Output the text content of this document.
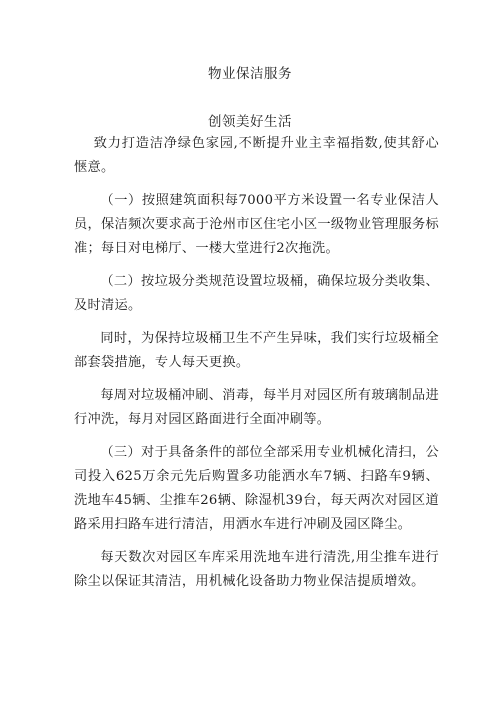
物业保洁服务
创领美好生活

致力打造洁净绿色家园,不断提升业主幸福指数,使其舒心惬意。

（一）按照建筑面积每7000平方米设置一名专业保洁人员，保洁频次要求高于沧州市区住宅小区一级物业管理服务标准；每日对电梯厅、一楼大堂进行2次拖洗。

（二）按垃圾分类规范设置垃圾桶，确保垃圾分类收集、及时清运。

同时，为保持垃圾桶卫生不产生异味，我们实行垃圾桶全部套袋措施，专人每天更换。

每周对垃圾桶冲刷、消毒，每半月对园区所有玻璃制品进行冲洗，每月对园区路面进行全面冲刷等。

（三）对于具备条件的部位全部采用专业机械化清扫，公司投入625万余元先后购置多功能洒水车7辆、扫路车9辆、洗地车45辆、尘推车26辆、除湿机39台，每天两次对园区道路采用扫路车进行清洁，用洒水车进行冲刷及园区降尘。

每天数次对园区车库采用洗地车进行清洗,用尘推车进行除尘以保证其清洁，用机械化设备助力物业保洁提质增效。
